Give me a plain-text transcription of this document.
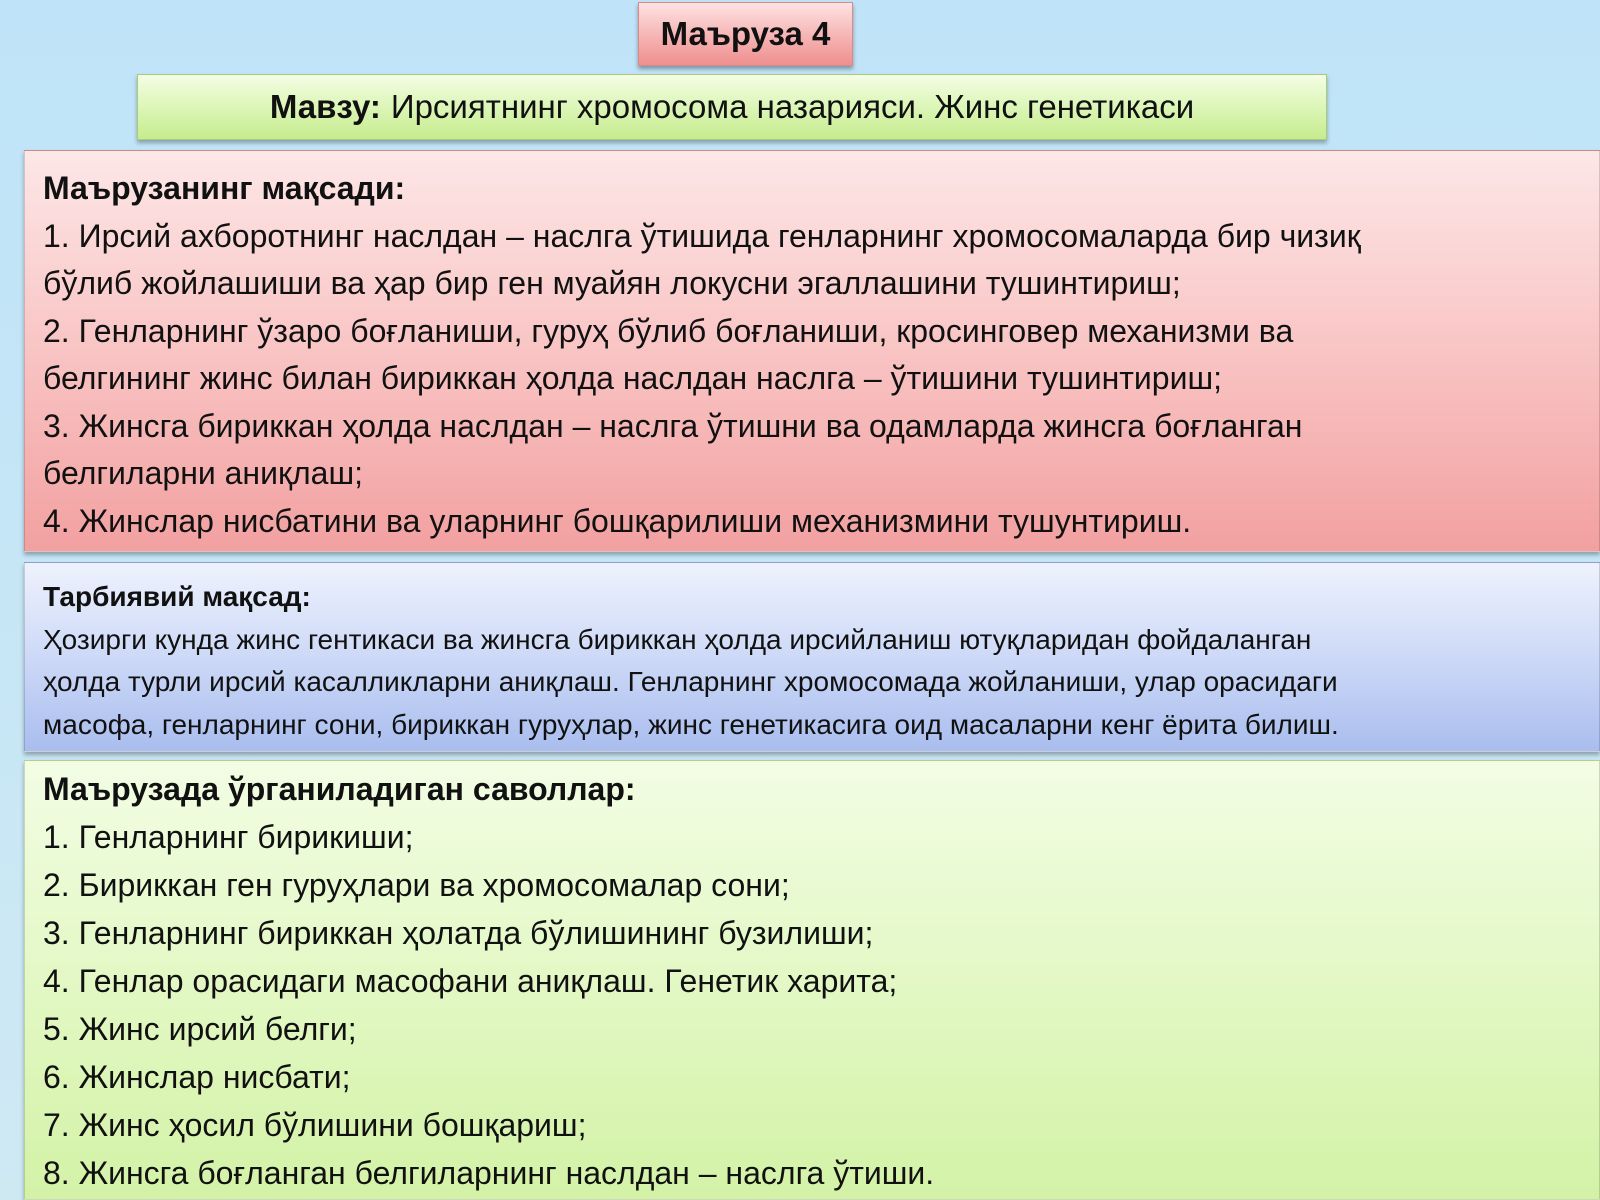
Маъруза 4
Мавзу: Ирсиятнинг хромосома назарияси. Жинс генетикаси
Маърузанинг мақсади:
1. Ирсий ахборотнинг наслдан – наслга ўтишида генларнинг хромосомаларда бир чизиқ
бўлиб жойлашиши ва ҳар бир ген муайян локусни эгаллашини тушинтириш;
2. Генларнинг ўзаро боғланиши, гуруҳ бўлиб боғланиши, кросинговер механизми ва
белгининг жинс билан бириккан ҳолда наслдан наслга – ўтишини тушинтириш;
3. Жинсга бириккан ҳолда наслдан – наслга ўтишни ва одамларда жинсга боғланган
белгиларни аниқлаш;
4. Жинслар нисбатини ва уларнинг бошқарилиши механизмини тушунтириш.
Тарбиявий мақсад:
Ҳозирги кунда жинс гентикаси ва жинсга бириккан ҳолда ирсийланиш ютуқларидан фойдаланган
ҳолда турли ирсий касалликларни аниқлаш. Генларнинг хромосомада жойланиши, улар орасидаги
масофа, генларнинг сони, бириккан гуруҳлар, жинс генетикасига оид масаларни кенг ёрита билиш.
Маърузада ўрганиладиган саволлар:
1. Генларнинг бирикиши;
2. Бириккан ген гуруҳлари ва хромосомалар сони;
3. Генларнинг бириккан ҳолатда бўлишининг бузилиши;
4. Генлар орасидаги масофани аниқлаш. Генетик харита;
5. Жинс ирсий белги;
6. Жинслар нисбати;
7. Жинс ҳосил бўлишини бошқариш;
8. Жинсга боғланган белгиларнинг наслдан – наслга ўтиши.
